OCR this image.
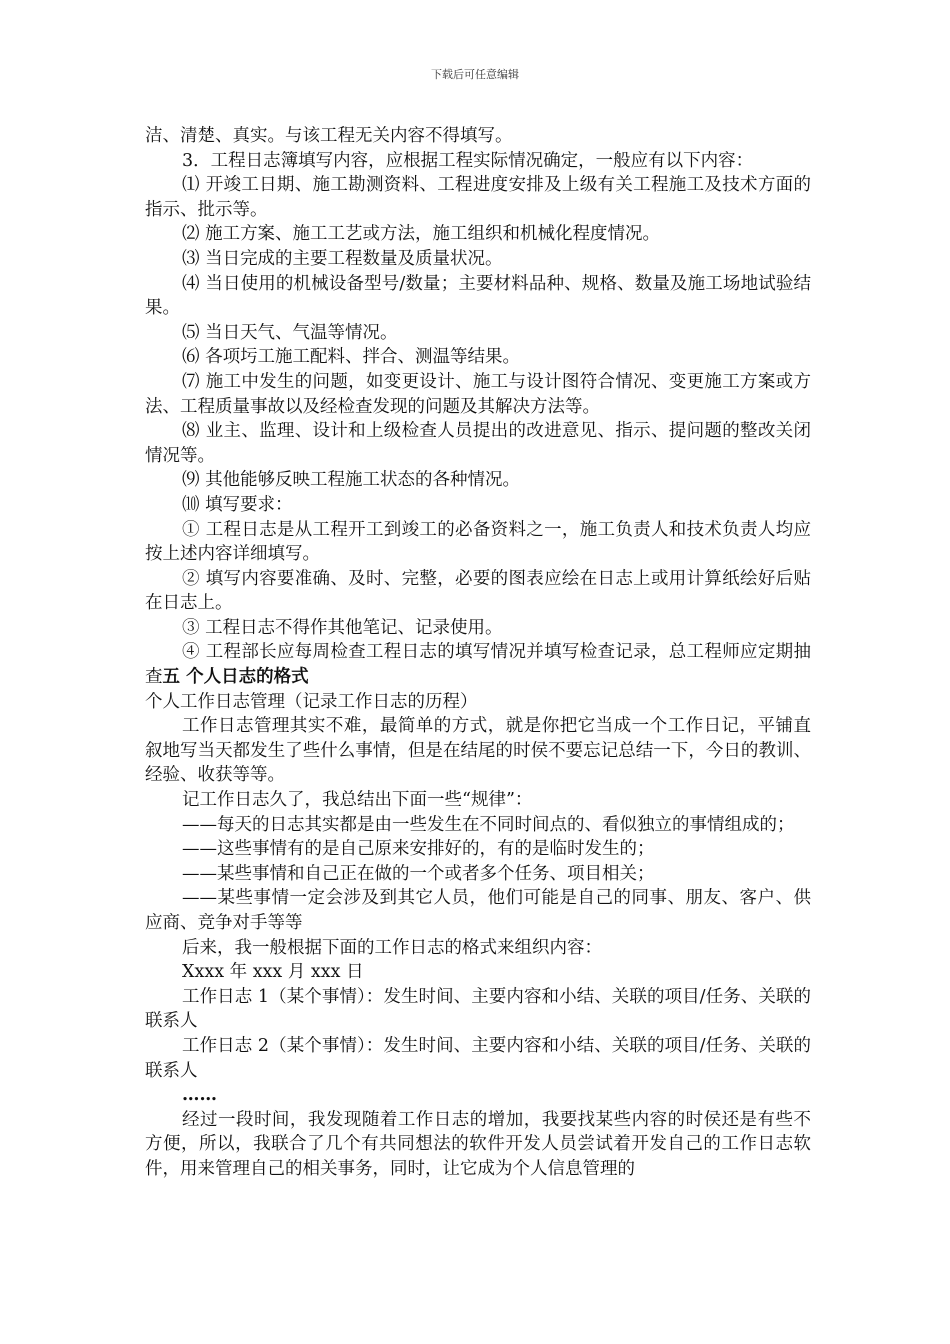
下载后可任意编辑

洁、清楚、真实。与该工程无关内容不得填写。

3．工程日志簿填写内容，应根据工程实际情况确定，一般应有以下内容：

⑴ 开竣工日期、施工勘测资料、工程进度安排及上级有关工程施工及技术方面的指示、批示等。

⑵ 施工方案、施工工艺或方法，施工组织和机械化程度情况。

⑶ 当日完成的主要工程数量及质量状况。

⑷ 当日使用的机械设备型号/数量；主要材料品种、规格、数量及施工场地试验结果。

⑸ 当日天气、气温等情况。

⑹ 各项圬工施工配料、拌合、测温等结果。

⑺ 施工中发生的问题，如变更设计、施工与设计图符合情况、变更施工方案或方法、工程质量事故以及经检查发现的问题及其解决方法等。

⑻ 业主、监理、设计和上级检查人员提出的改进意见、指示、提问题的整改关闭情况等。

⑼ 其他能够反映工程施工状态的各种情况。

⑽ 填写要求：

① 工程日志是从工程开工到竣工的必备资料之一，施工负责人和技术负责人均应按上述内容详细填写。

② 填写内容要准确、及时、完整，必要的图表应绘在日志上或用计算纸绘好后贴在日志上。

③ 工程日志不得作其他笔记、记录使用。

④ 工程部长应每周检查工程日志的填写情况并填写检查记录，总工程师应定期抽查五 个人日志的格式

个人工作日志管理（记录工作日志的历程）

工作日志管理其实不难，最简单的方式，就是你把它当成一个工作日记，平铺直叙地写当天都发生了些什么事情，但是在结尾的时侯不要忘记总结一下，今日的教训、经验、收获等等。

记工作日志久了，我总结出下面一些“规律”：

——每天的日志其实都是由一些发生在不同时间点的、看似独立的事情组成的；

——这些事情有的是自己原来安排好的，有的是临时发生的；

——某些事情和自己正在做的一个或者多个任务、项目相关；

——某些事情一定会涉及到其它人员，他们可能是自己的同事、朋友、客户、供应商、竞争对手等等

后来，我一般根据下面的工作日志的格式来组织内容：

Xxxx 年 xxx 月 xxx 日

工作日志 1（某个事情）：发生时间、主要内容和小结、关联的项目/任务、关联的联系人

工作日志 2（某个事情）：发生时间、主要内容和小结、关联的项目/任务、关联的联系人

……

经过一段时间，我发现随着工作日志的增加，我要找某些内容的时侯还是有些不方便，所以，我联合了几个有共同想法的软件开发人员尝试着开发自己的工作日志软件，用来管理自己的相关事务，同时，让它成为个人信息管理的
